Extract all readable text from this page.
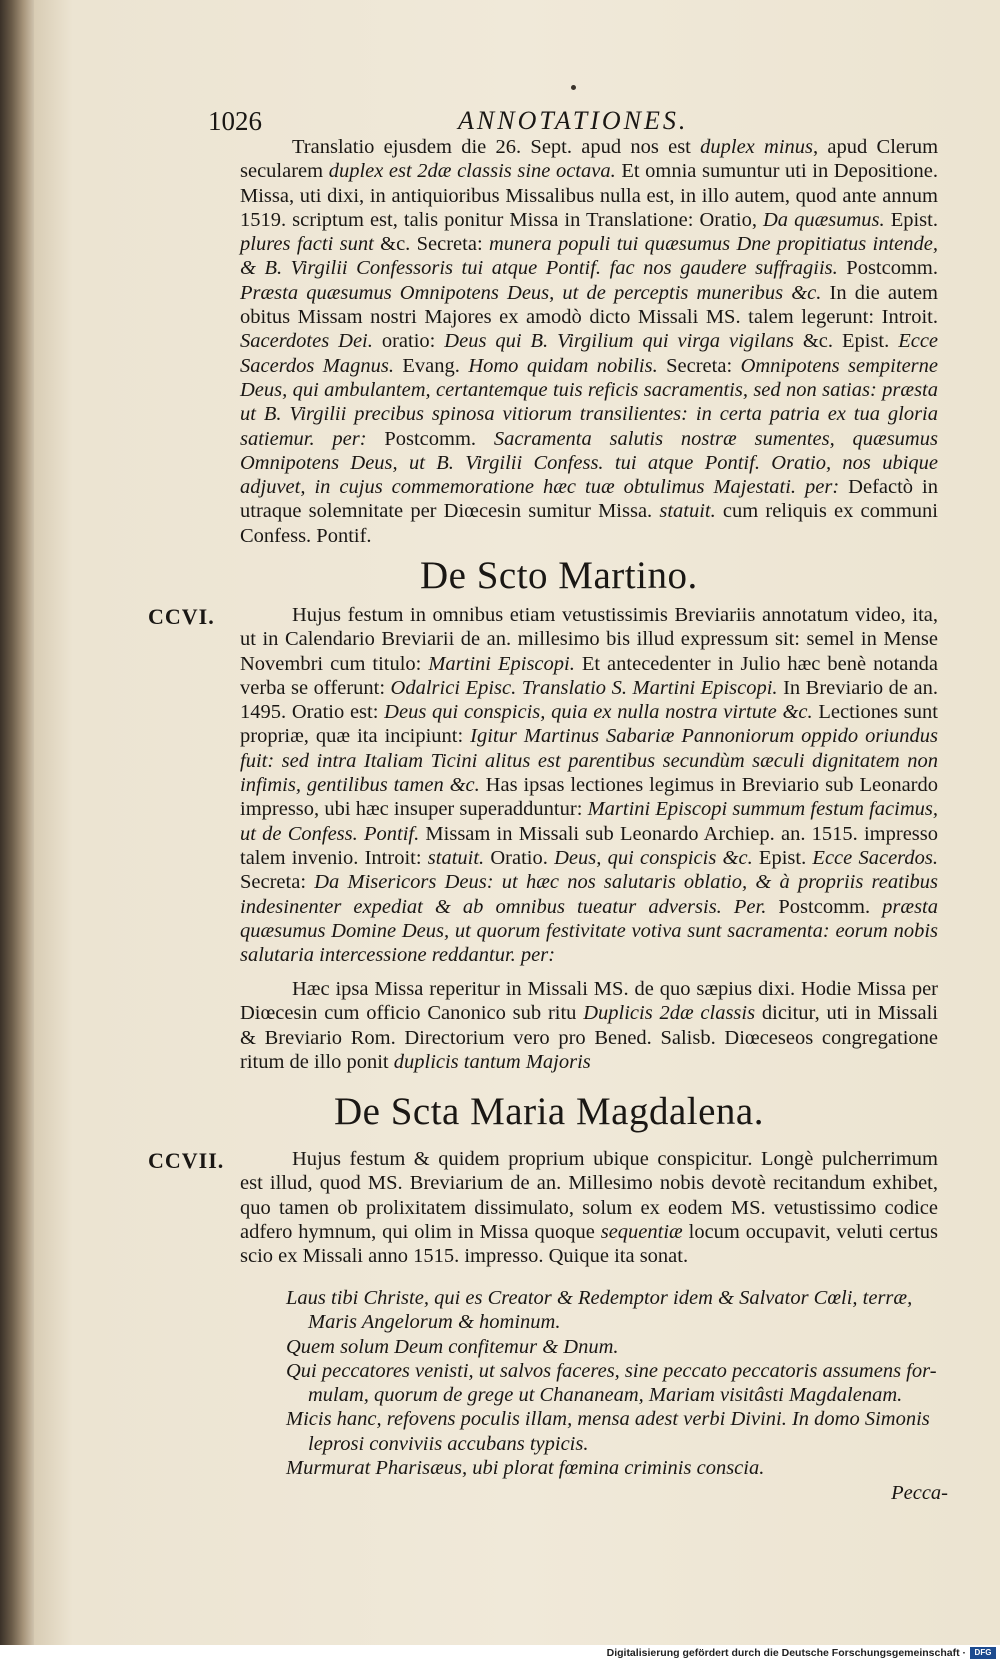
1026	ANNOTATIONES.

Translatio ejusdem die 26. Sept. apud nos est duplex minus, apud Clerum secularem duplex est 2dæ classis sine octava. Et omnia sumuntur uti in Depositione. Missa, uti dixi, in antiquioribus Missalibus nulla est, in illo autem, quod ante annum 1519. scriptum est, talis ponitur Missa in Translatione: Oratio, Da quæsumus. Epist. plures facti sunt &c. Secreta: munera populi tui quæsumus Dne propitiatus intende, & B. Virgilii Confessoris tui atque Pontif. fac nos gaudere suffragiis. Postcomm. Præsta quæsumus Omnipotens Deus, ut de perceptis muneribus &c. In die autem obitus Missam nostri Majores ex amodò dicto Missali MS. talem legerunt: Introit. Sacerdotes Dei. oratio: Deus qui B. Virgilium qui virga vigilans &c. Epist. Ecce Sacerdos Magnus. Evang. Homo quidam nobilis. Secreta: Omnipotens sempiterne Deus, qui ambulantem, certantemque tuis reficis sacramentis, sed non satias: præsta ut B. Virgilii precibus spinosa vitiorum transilientes: in certa patria ex tua gloria satiemur. per: Postcomm. Sacramenta salutis nostræ sumentes, quæsumus Omnipotens Deus, ut B. Virgilii Confess. tui atque Pontif. Oratio, nos ubique adjuvet, in cujus commemoratione hæc tuæ obtulimus Majestati. per: Defactò in utraque solemnitate per Diœcesin sumitur Missa. statuit. cum reliquis ex communi Confess. Pontif.

De Scto Martino.
CCVI.	Hujus festum in omnibus etiam vetustissimis Breviariis annotatum video, ita, ut in Calendario Breviarii de an. millesimo bis illud expressum sit: semel in Mense Novembri cum titulo: Martini Episcopi. Et antecedenter in Julio hæc benè notanda verba se offerunt: Odalrici Episc. Translatio S. Martini Episcopi. In Breviario de an. 1495. Oratio est: Deus qui conspicis, quia ex nulla nostra virtute &c. Lectiones sunt propriæ, quæ ita incipiunt: Igitur Martinus Sabariæ Pannoniorum oppido oriundus fuit: sed intra Italiam Ticini alitus est parentibus secundùm sæculi dignitatem non infimis, gentilibus tamen &c. Has ipsas lectiones legimus in Breviario sub Leonardo impresso, ubi hæc insuper superadduntur: Martini Episcopi summum festum facimus, ut de Confess. Pontif. Missam in Missali sub Leonardo Archiep. an. 1515. impresso talem invenio. Introit: statuit. Oratio. Deus, qui conspicis &c. Epist. Ecce Sacerdos. Secreta: Da Misericors Deus: ut hæc nos salutaris oblatio, & à propriis reatibus indesinenter expediat & ab omnibus tueatur adversis. Per. Postcomm. præsta quæsumus Domine Deus, ut quorum festivitate votiva sunt sacramenta: eorum nobis salutaria intercessione reddantur. per:

Hæc ipsa Missa reperitur in Missali MS. de quo sæpius dixi. Hodie Missa per Diœcesin cum officio Canonico sub ritu Duplicis 2dæ classis dicitur, uti in Missali & Breviario Rom. Directorium vero pro Bened. Salisb. Diœceseos congregatione ritum de illo ponit duplicis tantum Majoris

De Scta Maria Magdalena.
CCVII.	Hujus festum & quidem proprium ubique conspicitur. Longè pulcherrimum est illud, quod MS. Breviarium de an. Millesimo nobis devotè recitandum exhibet, quo tamen ob prolixitatem dissimulato, solum ex eodem MS. vetustissimo codice adfero hymnum, qui olim in Missa quoque sequentiæ locum occupavit, veluti certus scio ex Missali anno 1515. impresso. Quique ita sonat.

Laus tibi Christe, qui es Creator & Redemptor idem & Salvator Cœli, terræ,
Maris Angelorum & hominum.
Quem solum Deum confitemur & Dnum.
Qui peccatores venisti, ut salvos faceres, sine peccato peccatoris assumens for-
mulam, quorum de grege ut Chananeam, Mariam visitâsti Magdalenam.
Micis hanc, refovens poculis illam, mensa adest verbi Divini. In domo Simonis
leprosi conviviis accubans typicis.
Murmurat Pharisæus, ubi plorat fœmina criminis conscia.
Pecca-
Digitalisierung gefördert durch die Deutsche Forschungsgemeinschaft ·	DFG
